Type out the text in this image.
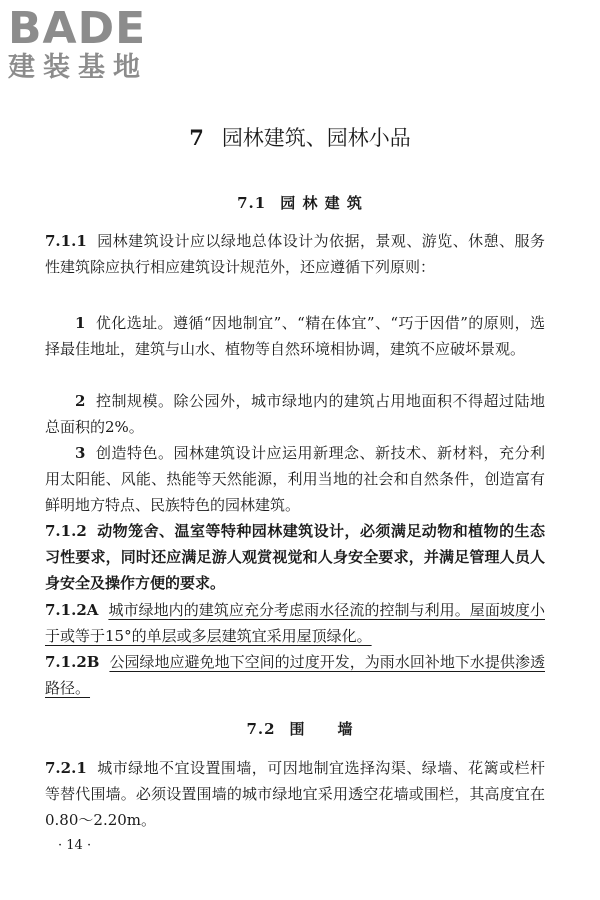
BADE
建装基地
7 园林建筑、园林小品
7.1 园 林 建 筑

7.1.1 园林建筑设计应以绿地总体设计为依据，景观、游览、休憩、服务性建筑除应执行相应建筑设计规范外，还应遵循下列原则：

1 优化选址。遵循“因地制宜”、“精在体宜”、“巧于因借”的原则，选择最佳地址，建筑与山水、植物等自然环境相协调，建筑不应破坏景观。

2 控制规模。除公园外，城市绿地内的建筑占用地面积不得超过陆地总面积的2%。

3 创造特色。园林建筑设计应运用新理念、新技术、新材料，充分利用太阳能、风能、热能等天然能源，利用当地的社会和自然条件，创造富有鲜明地方特点、民族特色的园林建筑。

7.1.2 动物笼舍、温室等特种园林建筑设计，必须满足动物和植物的生态习性要求，同时还应满足游人观赏视觉和人身安全要求，并满足管理人员人身安全及操作方便的要求。

7.1.2A 城市绿地内的建筑应充分考虑雨水径流的控制与利用。屋面坡度小于或等于15°的单层或多层建筑宜采用屋顶绿化。

7.1.2B 公园绿地应避免地下空间的过度开发，为雨水回补地下水提供渗透路径。

7.2 围　　墙

7.2.1 城市绿地不宜设置围墙，可因地制宜选择沟渠、绿墙、花篱或栏杆等替代围墙。必须设置围墙的城市绿地宜采用透空花墙或围栏，其高度宜在0.80～2.20m。

· 14 ·
